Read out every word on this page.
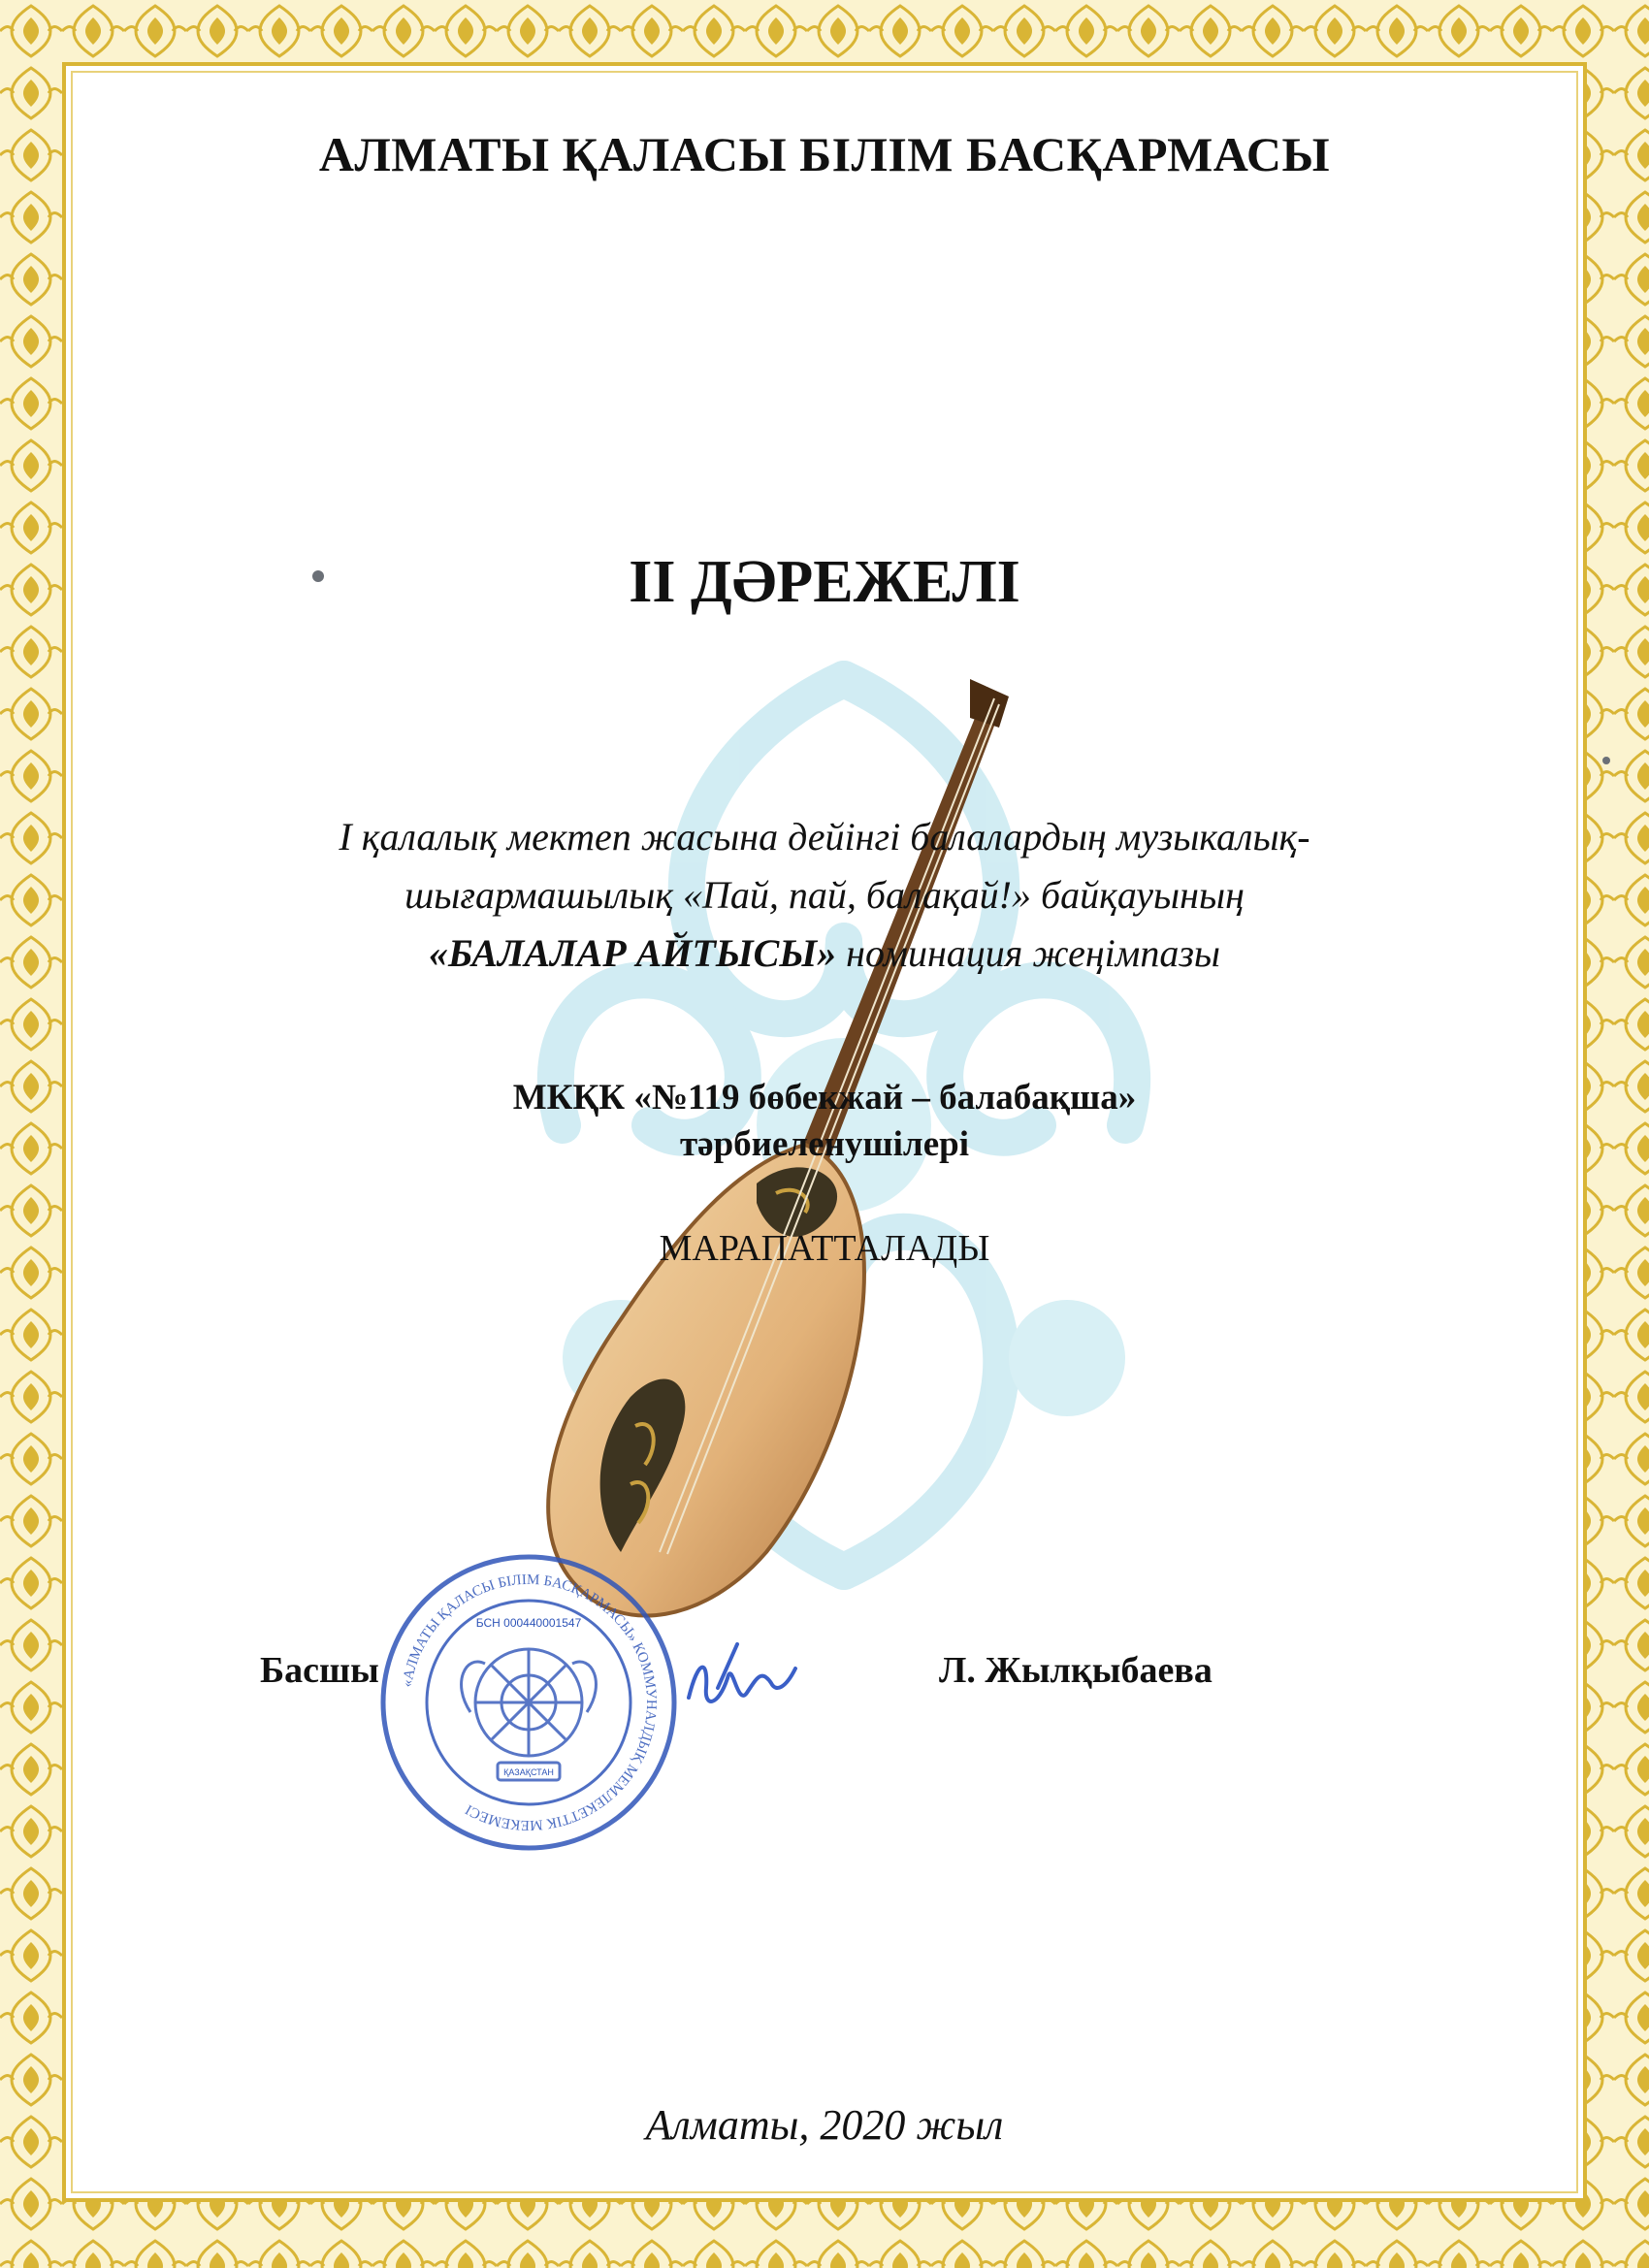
АЛМАТЫ ҚАЛАСЫ БІЛІМ БАСҚАРМАСЫ
ІІ ДӘРЕЖЕЛІ
І қалалық мектеп жасына дейінгі балалардың музыкалық-
шығармашылық «Пай, пай, балақай!» байқауының
«БАЛАЛАР АЙТЫСЫ» номинация жеңімпазы
МКҚК «№119 бөбекжай – балабақша»
тәрбиеленушілері
МАРАПАТТАЛАДЫ
«АЛМАТЫ ҚАЛАСЫ БІЛІМ БАСҚАРМАСЫ» КОММУНАЛДЫҚ МЕМЛЕКЕТТІК МЕКЕМЕСІ
БСН 000440001547
ҚАЗАҚСТАН
Басшы	Л. Жылқыбаева
Алматы, 2020 жыл
